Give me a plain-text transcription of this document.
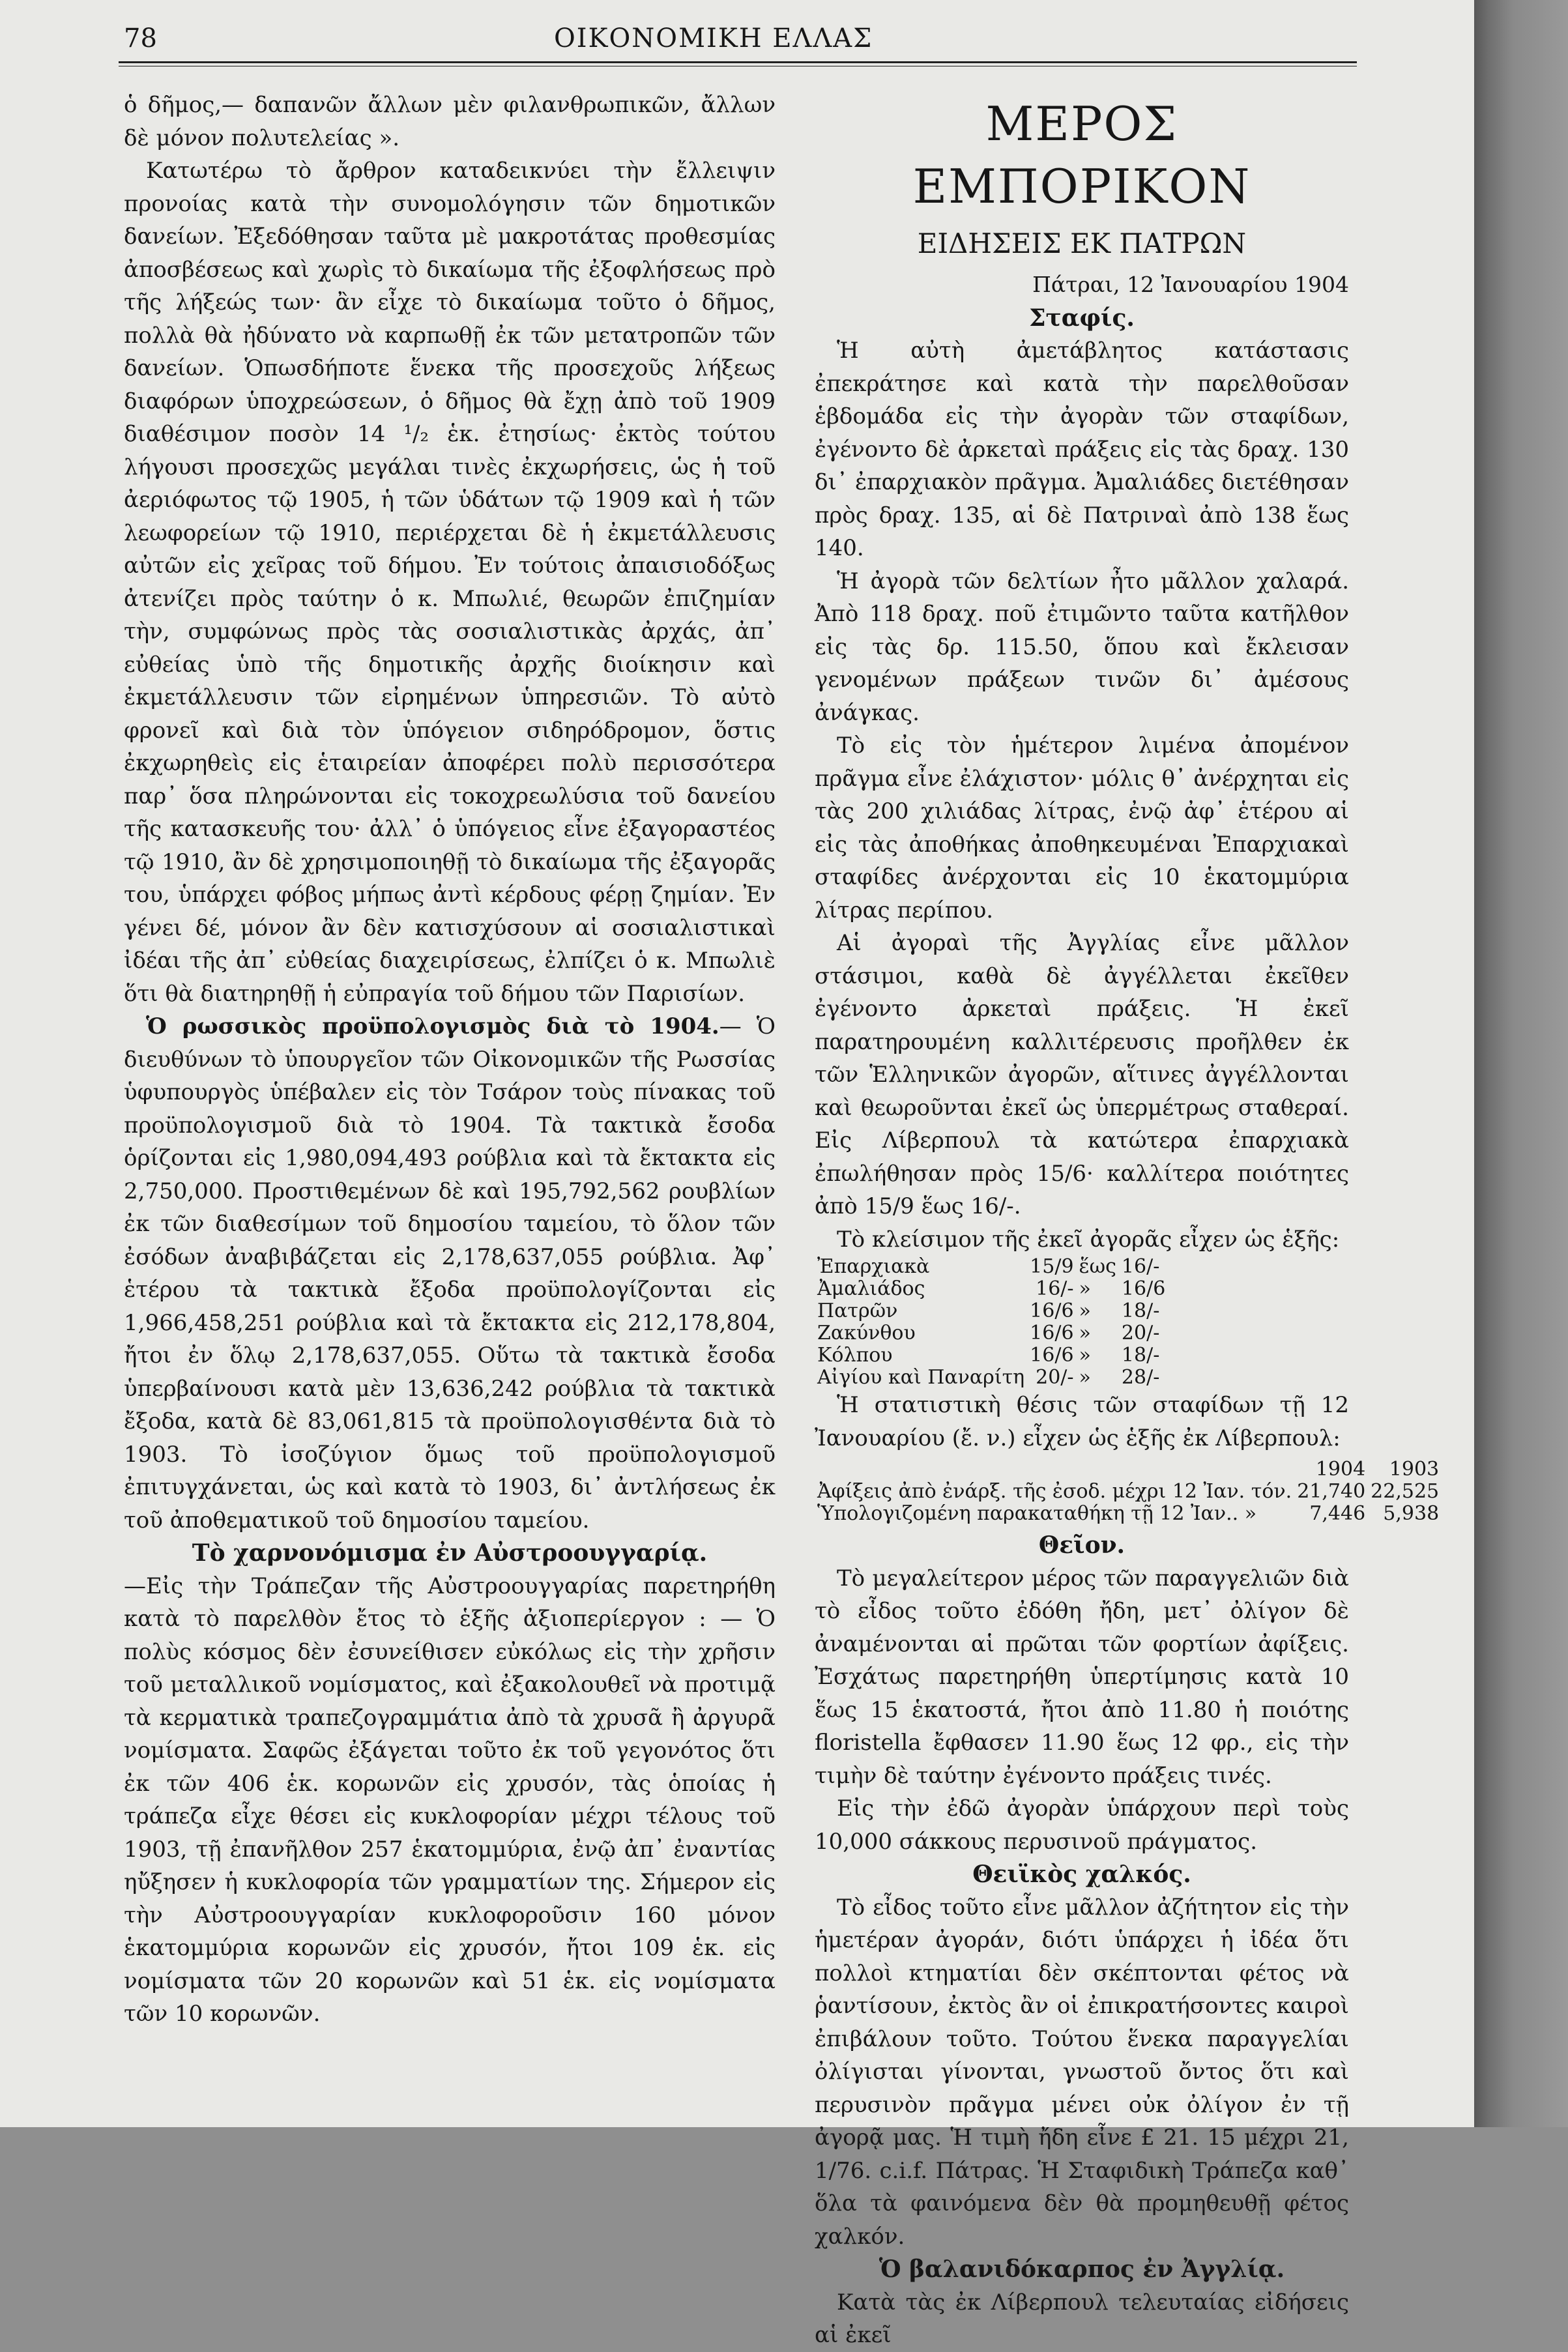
78	ΟΙΚΟΝΟΜΙΚΗ ΕΛΛΑΣ

ὁ δῆμος,— δαπανῶν ἄλλων μὲν φιλανθρωπικῶν, ἄλλων δὲ μόνον πολυτελείας ».

Κατωτέρω τὸ ἄρθρον καταδεικνύει τὴν ἔλλειψιν προνοίας κατὰ τὴν συνομολόγησιν τῶν δημοτικῶν δανείων. Ἐξεδόθησαν ταῦτα μὲ μακροτάτας προθεσμίας ἀποσβέσεως καὶ χωρὶς τὸ δικαίωμα τῆς ἐξοφλήσεως πρὸ τῆς λήξεώς των· ἂν εἶχε τὸ δικαίωμα τοῦτο ὁ δῆμος, πολλὰ θὰ ἠδύνατο νὰ καρπωθῇ ἐκ τῶν μετατροπῶν τῶν δανείων. Ὁπωσδήποτε ἕνεκα τῆς προσεχοῦς λήξεως διαφόρων ὑποχρεώσεων, ὁ δῆμος θὰ ἔχῃ ἀπὸ τοῦ 1909 διαθέσιμον ποσὸν 14 ¹/₂ ἑκ. ἐτησίως· ἐκτὸς τούτου λήγουσι προσεχῶς μεγάλαι τινὲς ἐκχωρήσεις, ὡς ἡ τοῦ ἀεριόφωτος τῷ 1905, ἡ τῶν ὑδάτων τῷ 1909 καὶ ἡ τῶν λεωφορείων τῷ 1910, περιέρχεται δὲ ἡ ἐκμετάλλευσις αὐτῶν εἰς χεῖρας τοῦ δήμου. Ἐν τούτοις ἀπαισιοδόξως ἀτενίζει πρὸς ταύτην ὁ κ. Μπωλιέ, θεωρῶν ἐπιζημίαν τὴν, συμφώνως πρὸς τὰς σοσιαλιστικὰς ἀρχάς, ἀπ᾿ εὐθείας ὑπὸ τῆς δημοτικῆς ἀρχῆς διοίκησιν καὶ ἐκμετάλλευσιν τῶν εἰρημένων ὑπηρεσιῶν. Τὸ αὐτὸ φρονεῖ καὶ διὰ τὸν ὑπόγειον σιδηρόδρομον, ὅστις ἐκχωρηθεὶς εἰς ἑταιρείαν ἀποφέρει πολὺ περισσότερα παρ᾿ ὅσα πληρώνονται εἰς τοκοχρεωλύσια τοῦ δανείου τῆς κατασκευῆς του· ἀλλ᾿ ὁ ὑπόγειος εἶνε ἐξαγοραστέος τῷ 1910, ἂν δὲ χρησιμοποιηθῇ τὸ δικαίωμα τῆς ἐξαγορᾶς του, ὑπάρχει φόβος μήπως ἀντὶ κέρδους φέρῃ ζημίαν. Ἐν γένει δέ, μόνον ἂν δὲν κατισχύσουν αἱ σοσιαλιστικαὶ ἰδέαι τῆς ἀπ᾿ εὐθείας διαχειρίσεως, ἐλπίζει ὁ κ. Μπωλιὲ ὅτι θὰ διατηρηθῇ ἡ εὐπραγία τοῦ δήμου τῶν Παρισίων.

Ὁ ρωσσικὸς προϋπολογισμὸς διὰ τὸ 1904.— Ὁ διευθύνων τὸ ὑπουργεῖον τῶν Οἰκονομικῶν τῆς Ρωσσίας ὑφυπουργὸς ὑπέβαλεν εἰς τὸν Τσάρον τοὺς πίνακας τοῦ προϋπολογισμοῦ διὰ τὸ 1904. Τὰ τακτικὰ ἔσοδα ὁρίζονται εἰς 1,980,094,493 ρούβλια καὶ τὰ ἔκτακτα εἰς 2,750,000. Προστιθεμένων δὲ καὶ 195,792,562 ρουβλίων ἐκ τῶν διαθεσίμων τοῦ δημοσίου ταμείου, τὸ ὅλον τῶν ἐσόδων ἀναβιβάζεται εἰς 2,178,637,055 ρούβλια. Ἀφ᾿ ἑτέρου τὰ τακτικὰ ἔξοδα προϋπολογίζονται εἰς 1,966,458,251 ρούβλια καὶ τὰ ἔκτακτα εἰς 212,178,804, ἤτοι ἐν ὅλῳ 2,178,637,055. Οὕτω τὰ τακτικὰ ἔσοδα ὑπερβαίνουσι κατὰ μὲν 13,636,242 ρούβλια τὰ τακτικὰ ἔξοδα, κατὰ δὲ 83,061,815 τὰ προϋπολογισθέντα διὰ τὸ 1903. Τὸ ἰσοζύγιον ὅμως τοῦ προϋπολογισμοῦ ἐπιτυγχάνεται, ὡς καὶ κατὰ τὸ 1903, δι᾿ ἀντλήσεως ἐκ τοῦ ἀποθεματικοῦ τοῦ δημοσίου ταμείου.

Τὸ χαρνονόμισμα ἐν Αὐστροουγγαρίᾳ.

—Εἰς τὴν Τράπεζαν τῆς Αὐστροουγγαρίας παρετηρήθη κατὰ τὸ παρελθὸν ἔτος τὸ ἑξῆς ἀξιοπερίεργον : — Ὁ πολὺς κόσμος δὲν ἐσυνείθισεν εὐκόλως εἰς τὴν χρῆσιν τοῦ μεταλλικοῦ νομίσματος, καὶ ἐξακολουθεῖ νὰ προτιμᾷ τὰ κερματικὰ τραπεζογραμμάτια ἀπὸ τὰ χρυσᾶ ἢ ἀργυρᾶ νομίσματα. Σαφῶς ἐξάγεται τοῦτο ἐκ τοῦ γεγονότος ὅτι ἐκ τῶν 406 ἑκ. κορωνῶν εἰς χρυσόν, τὰς ὁποίας ἡ τράπεζα εἶχε θέσει εἰς κυκλοφορίαν μέχρι τέλους τοῦ 1903, τῇ ἐπανῆλθον 257 ἑκατομμύρια, ἐνῷ ἀπ᾿ ἐναντίας ηὔξησεν ἡ κυκλοφορία τῶν γραμματίων της. Σήμερον εἰς τὴν Αὐστροουγγαρίαν κυκλοφοροῦσιν 160 μόνον ἑκατομμύρια κορωνῶν εἰς χρυσόν, ἤτοι 109 ἑκ. εἰς νομίσματα τῶν 20 κορωνῶν καὶ 51 ἑκ. εἰς νομίσματα τῶν 10 κορωνῶν.

ΜΕΡΟΣ ΕΜΠΟΡΙΚΟΝ
ΕΙΔΗΣΕΙΣ ΕΚ ΠΑΤΡΩΝ
Πάτραι, 12 Ἰανουαρίου 1904
Σταφίς.

Ἡ αὐτὴ ἀμετάβλητος κατάστασις ἐπεκράτησε καὶ κατὰ τὴν παρελθοῦσαν ἑβδομάδα εἰς τὴν ἀγορὰν τῶν σταφίδων, ἐγένοντο δὲ ἀρκεταὶ πράξεις εἰς τὰς δραχ. 130 δι᾿ ἐπαρχιακὸν πρᾶγμα. Ἀμαλιάδες διετέθησαν πρὸς δραχ. 135, αἱ δὲ Πατριναὶ ἀπὸ 138 ἕως 140.

Ἡ ἀγορὰ τῶν δελτίων ἦτο μᾶλλον χαλαρά. Ἀπὸ 118 δραχ. ποῦ ἐτιμῶντο ταῦτα κατῆλθον εἰς τὰς δρ. 115.50, ὅπου καὶ ἔκλεισαν γενομένων πράξεων τινῶν δι᾿ ἀμέσους ἀνάγκας.

Τὸ εἰς τὸν ἡμέτερον λιμένα ἀπομένον πρᾶγμα εἶνε ἐλάχιστον· μόλις θ᾿ ἀνέρχηται εἰς τὰς 200 χιλιάδας λίτρας, ἐνῷ ἀφ᾿ ἑτέρου αἱ εἰς τὰς ἀποθήκας ἀποθηκευμέναι Ἐπαρχιακαὶ σταφίδες ἀνέρχονται εἰς 10 ἑκατομμύρια λίτρας περίπου.

Αἱ ἀγοραὶ τῆς Ἀγγλίας εἶνε μᾶλλον στάσιμοι, καθὰ δὲ ἀγγέλλεται ἐκεῖθεν ἐγένοντο ἀρκεταὶ πράξεις. Ἡ ἐκεῖ παρατηρουμένη καλλιτέρευσις προῆλθεν ἐκ τῶν Ἑλληνικῶν ἀγορῶν, αἵτινες ἀγγέλλονται καὶ θεωροῦνται ἐκεῖ ὡς ὑπερμέτρως σταθεραί. Εἰς Λίβερπουλ τὰ κατώτερα ἐπαρχιακὰ ἐπωλήθησαν πρὸς 15/6· καλλίτερα ποιότητες ἀπὸ 15/9 ἕως 16/-.

Τὸ κλείσιμον τῆς ἐκεῖ ἀγορᾶς εἶχεν ὡς ἑξῆς:

Ἐπαρχιακὰ	15/9	ἕως	16/-
Ἀμαλιάδος	16/-	»	16/6
Πατρῶν	16/6	»	18/-
Ζακύνθου	16/6	»	20/-
Κόλπου	16/6	»	18/-
Αἰγίου καὶ Παναρίτη	20/-	»	28/-

Ἡ στατιστικὴ θέσις τῶν σταφίδων τῇ 12 Ἰανουαρίου (ἔ. ν.) εἶχεν ὡς ἑξῆς ἐκ Λίβερπουλ:

	1904	1903
Ἀφίξεις ἀπὸ ἐνάρξ. τῆς ἐσοδ. μέχρι 12 Ἰαν. τόν.	21,740	22,525
Ὑπολογιζομένη παρακαταθήκη τῇ 12 Ἰαν.. »	7,446	5,938
Θεῖον.

Τὸ μεγαλείτερον μέρος τῶν παραγγελιῶν διὰ τὸ εἶδος τοῦτο ἐδόθη ἤδη, μετ᾿ ὀλίγον δὲ ἀναμένονται αἱ πρῶται τῶν φορτίων ἀφίξεις. Ἐσχάτως παρετηρήθη ὑπερτίμησις κατὰ 10 ἕως 15 ἑκατοστά, ἤτοι ἀπὸ 11.80 ἡ ποιότης floristella ἔφθασεν 11.90 ἕως 12 φρ., εἰς τὴν τιμὴν δὲ ταύτην ἐγένοντο πράξεις τινές.

Εἰς τὴν ἐδῶ ἀγορὰν ὑπάρχουν περὶ τοὺς 10,000 σάκκους περυσινοῦ πράγματος.

Θειϊκὸς χαλκός.

Τὸ εἶδος τοῦτο εἶνε μᾶλλον ἀζήτητον εἰς τὴν ἡμετέραν ἀγοράν, διότι ὑπάρχει ἡ ἰδέα ὅτι πολλοὶ κτηματίαι δὲν σκέπτονται φέτος νὰ ῥαντίσουν, ἐκτὸς ἂν οἱ ἐπικρατήσοντες καιροὶ ἐπιβάλουν τοῦτο. Τούτου ἕνεκα παραγγελίαι ὀλίγισται γίνονται, γνωστοῦ ὄντος ὅτι καὶ περυσινὸν πρᾶγμα μένει οὐκ ὀλίγον ἐν τῇ ἀγορᾷ μας. Ἡ τιμὴ ἤδη εἶνε £ 21. 15 μέχρι 21, 1/76. c.i.f. Πάτρας. Ἡ Σταφιδικὴ Τράπεζα καθ᾿ ὅλα τὰ φαινόμενα δὲν θὰ προμηθευθῇ φέτος χαλκόν.

Ὁ βαλανιδόκαρπος ἐν Ἀγγλίᾳ.

Κατὰ τὰς ἐκ Λίβερπουλ τελευταίας εἰδήσεις αἱ ἐκεῖ
